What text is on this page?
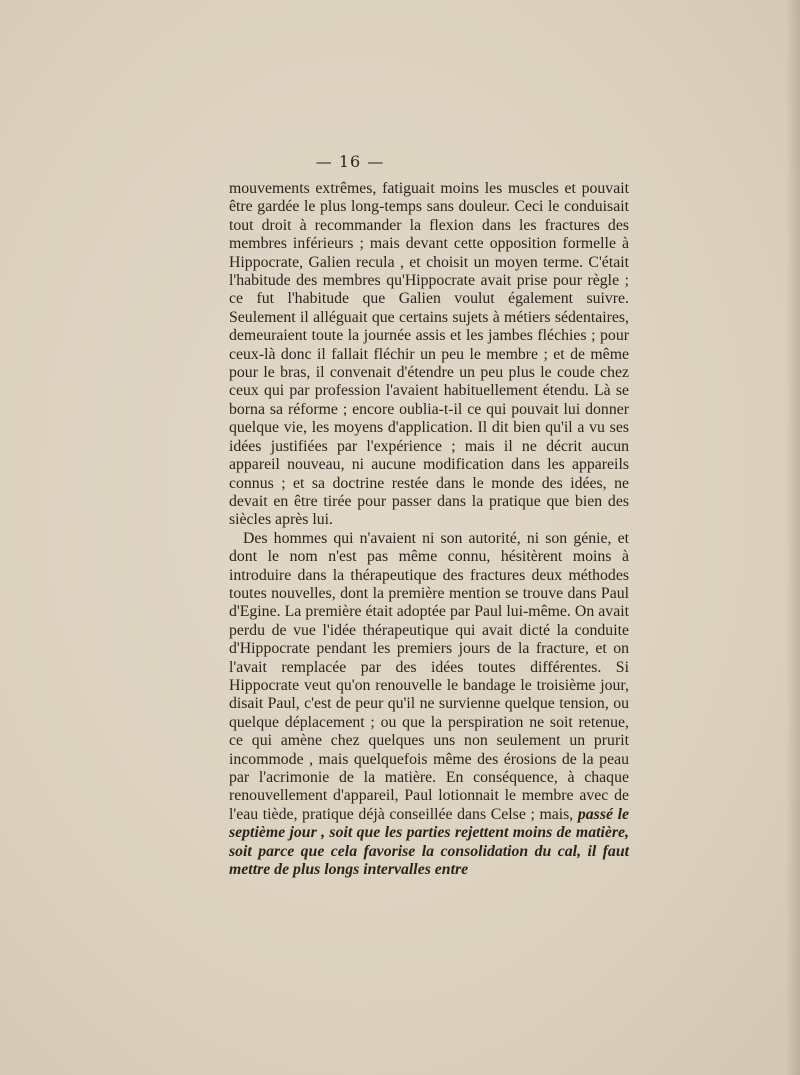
— 16 —

mouvements extrêmes, fatiguait moins les muscles et pouvait être gardée le plus long-temps sans douleur. Ceci le conduisait tout droit à recommander la flexion dans les fractures des membres inférieurs ; mais devant cette opposition formelle à Hippocrate, Galien recula , et choisit un moyen terme. C'était l'habitude des membres qu'Hippocrate avait prise pour règle ; ce fut l'habitude que Galien voulut également suivre. Seulement il alléguait que certains sujets à métiers sédentaires, demeuraient toute la journée assis et les jambes fléchies ; pour ceux-là donc il fallait fléchir un peu le membre ; et de même pour le bras, il convenait d'étendre un peu plus le coude chez ceux qui par profession l'avaient habituellement étendu. Là se borna sa réforme ; encore oublia-t-il ce qui pouvait lui donner quelque vie, les moyens d'application. Il dit bien qu'il a vu ses idées justifiées par l'expérience ; mais il ne décrit aucun appareil nouveau, ni aucune modification dans les appareils connus ; et sa doctrine restée dans le monde des idées, ne devait en être tirée pour passer dans la pratique que bien des siècles après lui.

Des hommes qui n'avaient ni son autorité, ni son génie, et dont le nom n'est pas même connu, hésitèrent moins à introduire dans la thérapeutique des fractures deux méthodes toutes nouvelles, dont la première mention se trouve dans Paul d'Egine. La première était adoptée par Paul lui-même. On avait perdu de vue l'idée thérapeutique qui avait dicté la conduite d'Hippocrate pendant les premiers jours de la fracture, et on l'avait remplacée par des idées toutes différentes. Si Hippocrate veut qu'on renouvelle le bandage le troisième jour, disait Paul, c'est de peur qu'il ne survienne quelque tension, ou quelque déplacement ; ou que la perspiration ne soit retenue, ce qui amène chez quelques uns non seulement un prurit incommode , mais quelquefois même des érosions de la peau par l'acrimonie de la matière. En conséquence, à chaque renouvellement d'appareil, Paul lotionnait le membre avec de l'eau tiède, pratique déjà conseillée dans Celse ; mais, passé le septième jour , soit que les parties rejettent moins de matière, soit parce que cela favorise la consolidation du cal, il faut mettre de plus longs intervalles entre
